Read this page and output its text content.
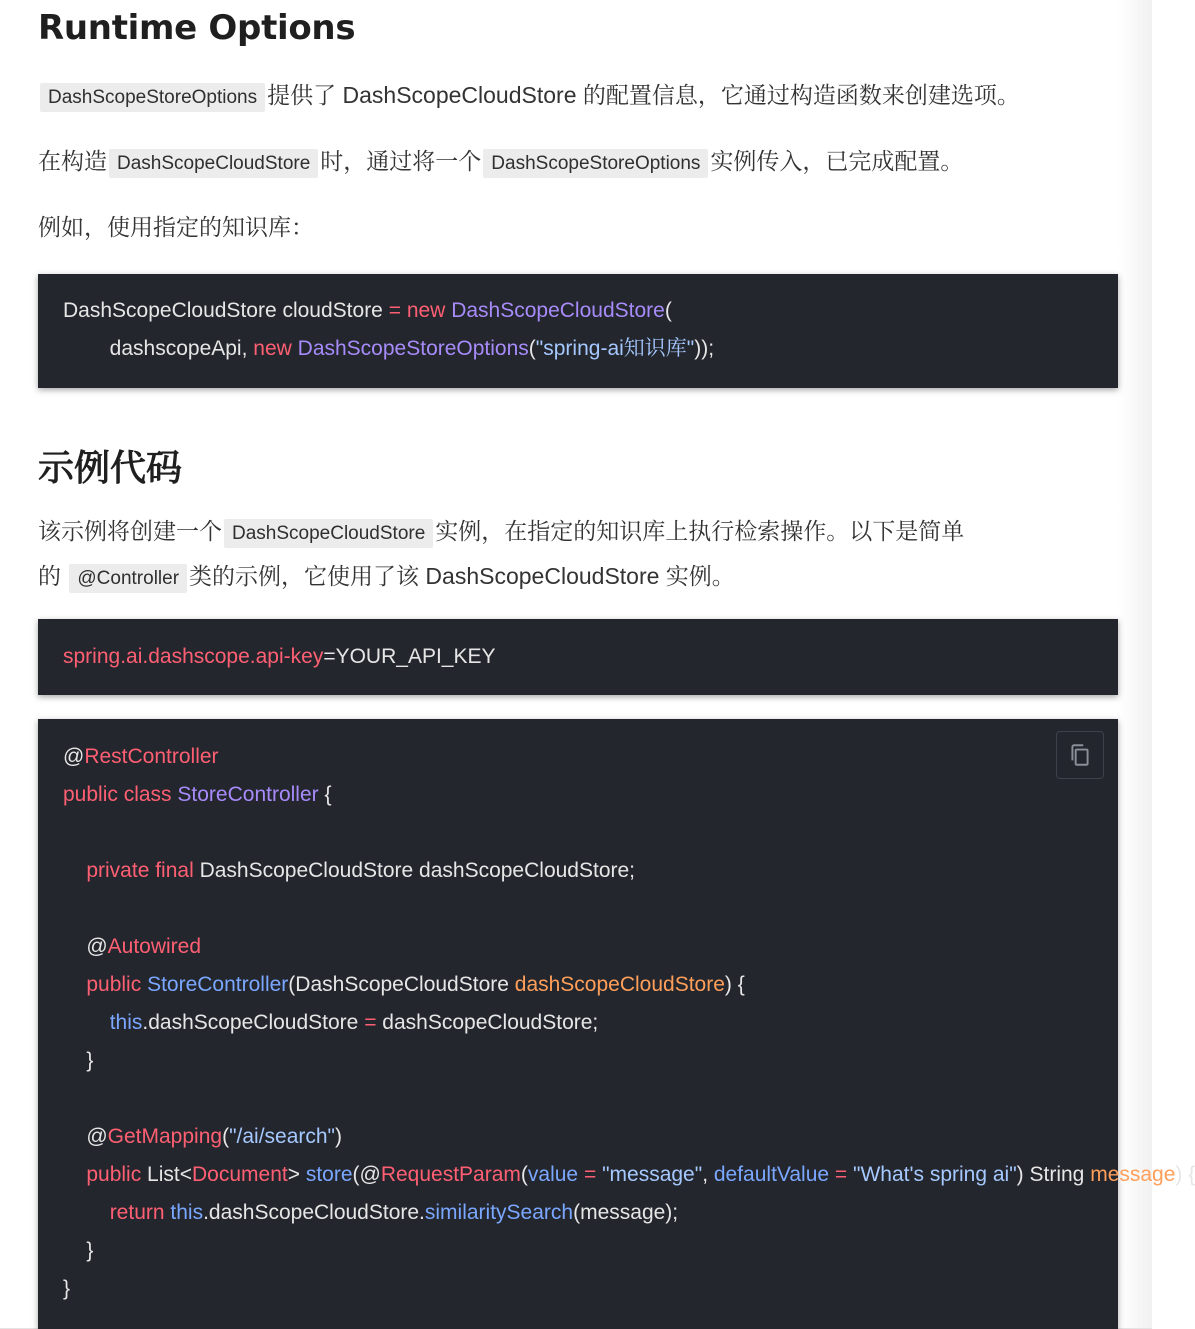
Runtime Options

DashScopeStoreOptions 提供了 DashScopeCloudStore 的配置信息，它通过构造函数来创建选项。

在构造 DashScopeCloudStore 时，通过将一个 DashScopeStoreOptions 实例传入，已完成配置。

例如，使用指定的知识库：

DashScopeCloudStore cloudStore = new DashScopeCloudStore(
dashscopeApi, new DashScopeStoreOptions("spring-ai知识库"));
示例代码

该示例将创建一个 DashScopeCloudStore 实例，在指定的知识库上执行检索操作。以下是简单
的 @Controller 类的示例，它使用了该 DashScopeCloudStore 实例。

spring.ai.dashscope.api-key=YOUR_API_KEY
@RestController
public class StoreController {

private final DashScopeCloudStore dashScopeCloudStore;

@Autowired
public StoreController(DashScopeCloudStore dashScopeCloudStore) {
this.dashScopeCloudStore = dashScopeCloudStore;
}

@GetMapping("/ai/search")
public List<Document> store(@RequestParam(value = "message", defaultValue = "What's spring ai") String message) {
return this.dashScopeCloudStore.similaritySearch(message);
}
}
